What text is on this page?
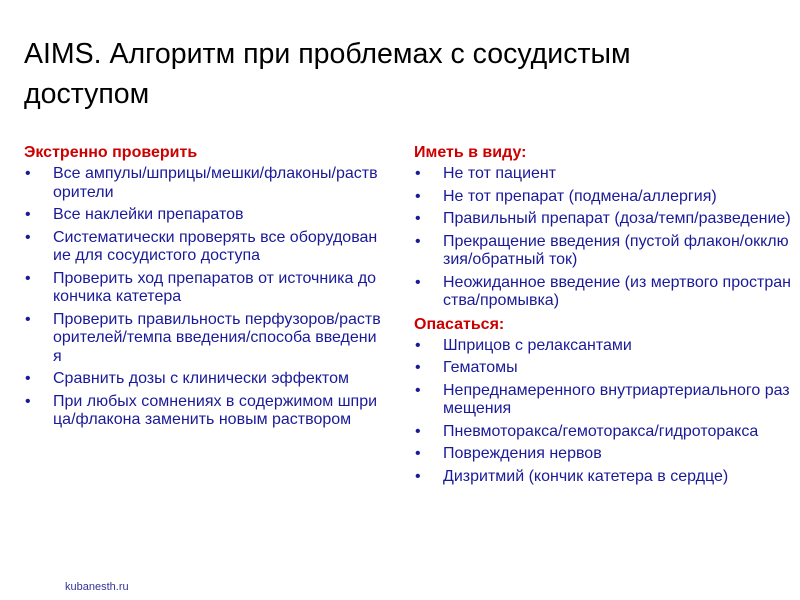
AIMS. Алгоритм при проблемах с сосудистым доступом
Экстренно проверить
• Все ампулы/шприцы/мешки/флаконы/растворители
• Все наклейки препаратов
• Систематически проверять все оборудование для сосудистого доступа
• Проверить ход препаратов от источника до кончика катетера
• Проверить правильность перфузоров/растворителей/темпа введения/способа введения
• Сравнить дозы с клинически эффектом
• При любых сомнениях в содержимом шприца/флакона заменить новым раствором
Иметь в виду:
• Не тот пациент
• Не тот препарат (подмена/аллергия)
• Правильный препарат (доза/темп/разведение)
• Прекращение введения (пустой флакон/окклюзия/обратный ток)
• Неожиданное введение (из мертвого пространства/промывка)
Опасаться:
• Шприцов с релаксантами
• Гематомы
• Непреднамеренного внутриартериального размещения
• Пневмоторакса/гемоторакса/гидроторакса
• Повреждения нервов
• Дизритмий (кончик катетера в сердце)
kubanesth.ru
